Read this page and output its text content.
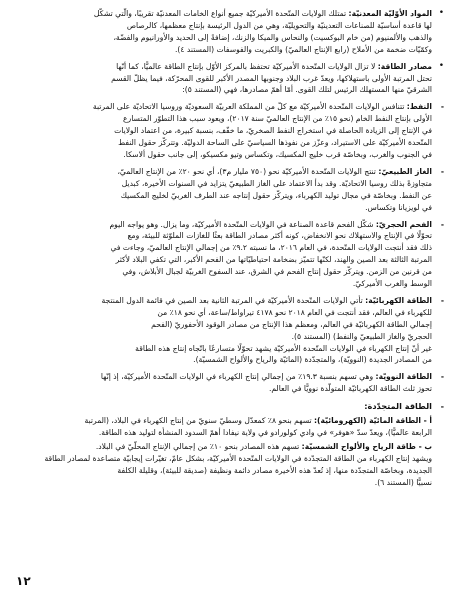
•
المواد الأوّليّة المعدنيّة: تمتلك الولايات المتّحدة الأميركيّة جميع أنواع الخامات المعدنيّة تقريبًا، والّتي تشكّل
لها قاعدة أساسيّة للصناعات التعدينيّة والتحويليّة، وهي من الدول الرئيسة بإنتاج معظمها، كالرصاص
والذهب والألمنيوم (من خام البوكسيت) والنحاس والميكا والزنك، إضافةً إلى الحديد والأورانيوم والفضّة،
وكمّيّات ضخمة من الأملاح (رابع الإنتاج العالميّ) والكبريت والفوسفات (المستند ٤).
•
مصادر الطاقة: لا تزال الولايات المتّحدة الأميركيّة تحتفظ بالمركز الأوّل بإنتاج الطاقة عالميًّا، كما أنّها
تحتل المرتبة الأولى باستهلاكها، ويعدّ غرب البلاد وجنوبها المصدر الأكبر للقوى المحرّكة، فيما يظلّ القسم
الشرقيّ منها المستهلك الرئيس لتلك القوى. أمّا أهمّ مصادرها، فهي (المستند ٥):
-
النفط: تتنافس الولايات المتّحدة الأميركيّة مع كلّ من المملكة العربيّة السعوديّة وروسيا الاتحاديّة على المرتبة
الأولى بإنتاج النفط الخام (نحو ١٥٪ من الإنتاج العالميّ سنة ٢٠١٧)، ويعود سبب هذا التطوّر المتسارع
في الإنتاج إلى الزيادة الحاصلة في استخراج النفط الصخريّ، ما خفّف، بنسبة كبيرة، من اعتماد الولايات
المتّحدة الأميركيّة على الاستيراد، وعزّز من نفوذها السياسيّ على الساحة الدوليّة. وتتركّز حقول النفط
في الجنوب والغرب، وبخاصّة قرب خليج المكسيك، وتكساس وتيو مكسيكو، إلى جانب حقول ألاسكا.
-
الغاز الطبيعيّ: تنتج الولايات المتّحدة الأميركيّة نحو (٧٥٠ مليار م٣)، أي نحو ٢٠٪ من الإنتاج العالميّ،
متجاوزةً بذلك روسيا الاتحاديّة. وقد بدأ الاعتماد على الغاز الطبيعيّ يتزايد في السنوات الأخيرة، كبديل
عن النفط. وبخاصّة في مجال توليد الكهرباء، ويتركّز حقول إنتاجه عند الطرف الغربيّ لخليج المكسيك
في لويزيانا وتكساس.
-
الفحم الحجريّ: شكّل الفحم قاعدة الصناعة في الولايات المتّحدة الأميركيّة، وما يزال. وهو يواجه اليوم
تحوّلًا في الإنتاج والاستهلاك نحو الانخفاض، كونه أكثر مصادر الطاقة بعثًا للغازات الملوّثة للبيئة، ومع
ذلك فقد أنتجت الولايات المتّحدة، في العام ٢٠١٦، ما نسبته ٩.٢٪ من إجمالي الإنتاج العالميّ، وجاءت في
المرتبة الثالثة بعد الصين والهند، لكنّها تتميّز بضخامة احتياطيّاتها من الفحم الأكبر، التي تكفي البلاد لأكثر
من قرنين من الزمن. ويتركّز حقول إنتاج الفحم في الشرق، عند السفوح الغربيّة لجبال الأبلاش، وفي
الوسط والغرب الأميركيّ.
-
الطاقة الكهربائيّة: تأتي الولايات المتّحدة الأميركيّة في المرتبة الثانية بعد الصين في قائمة الدول المنتجة
للكهرباء في العالم، فقد أنتجت في العام ٢٠١٨ نحو ٤١٧٨ تيراواط/ساعة، أي نحو ١٨٪ من
إجمالي الطاقة الكهربائيّة في العالم، ومعظم هذا الإنتاج من مصادر الوقود الأحفوريّ (الفحم
الحجريّ والغاز الطبيعيّ والنفط) (المستند ٥).
غير أنّ إنتاج الكهرباء في الولايات المتّحدة الأميركيّة يشهد تحوّلًا متسارعًا باتّجاه إنتاج هذه الطاقة
من المصادر الجديدة (النوويّة)، والمتجدّدة (المائيّة والرياح والألواح الشمسيّة).
-
الطاقة النوويّة: وهي تسهم بنسبة ١٩.٣٪ من إجمالي إنتاج الكهرباء في الولايات المتّحدة الأميركيّة، إذ إنّها
تحوز ثلث الطاقة الكهربائيّة المتولّدة نوويًّا في العالم.
-
الطاقة المتجدّدة:
أ - الطاقة المائيّة (الكهرومائيّة): تسهم بنحو ٨٪ كمعدّل وسطيّ سنويّ من إنتاج الكهرباء في البلاد، (المرتبة
الرابعة عالميًّا)، ويعدّ سدّ «هوفر» في وادي كولورادو في ولاية نيفادا أهمّ السدود المنشأة لتوليد هذه الطاقة.
ب - طاقة الرياح والألواح الشمسيّة: تسهم هذه المصادر بنحو ١٠٪ من إجمالي الإنتاج المحلّيّ في البلاد.
ويشهد إنتاج الكهرباء من الطاقة المتجدّدة في الولايات المتّحدة الأميركيّة، بشكل عامّ، تغيّرات إيجابيّة متصاعدة لمصادر الطاقة
الجديدة، وبخاصّة المتجدّدة منها، إذ تُعدّ هذه الأخيرة مصادر دائمة ونظيفة (صديقة للبيئة)، وقليلة الكلفة
نسبيًّا (المستند ٦).
١٢
